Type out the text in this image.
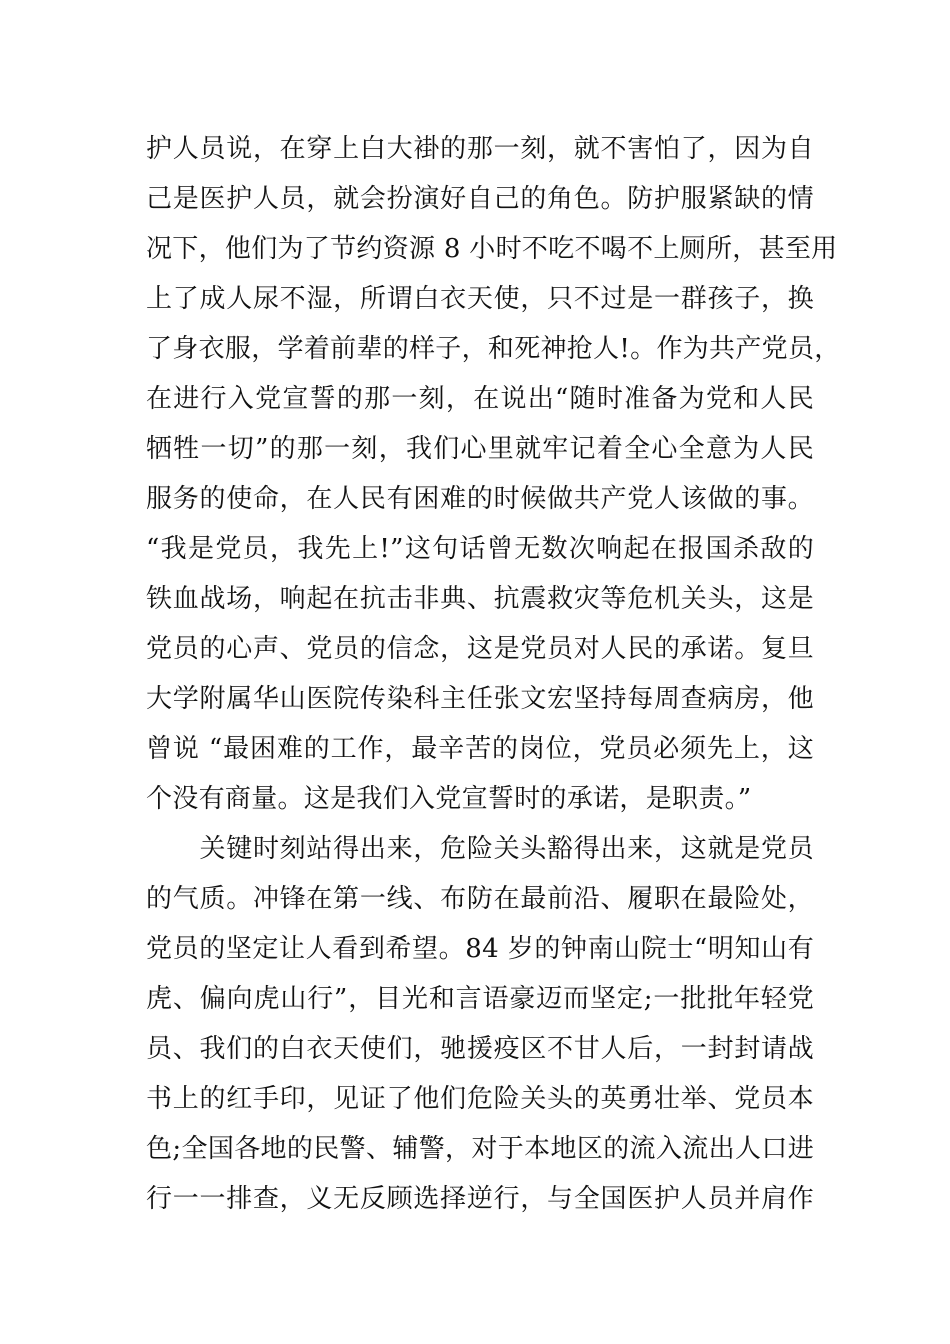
护人员说，在穿上白大褂的那一刻，就不害怕了，因为自
己是医护人员，就会扮演好自己的角色。防护服紧缺的情
况下，他们为了节约资源 8 小时不吃不喝不上厕所，甚至用
上了成人尿不湿，所谓白衣天使，只不过是一群孩子，换
了身衣服，学着前辈的样子，和死神抢人!。作为共产党员，
在进行入党宣誓的那一刻，在说出“随时准备为党和人民
牺牲一切”的那一刻，我们心里就牢记着全心全意为人民
服务的使命，在人民有困难的时候做共产党人该做的事。
“我是党员，我先上!”这句话曾无数次响起在报国杀敌的
铁血战场，响起在抗击非典、抗震救灾等危机关头，这是
党员的心声、党员的信念，这是党员对人民的承诺。复旦
大学附属华山医院传染科主任张文宏坚持每周查病房，他
曾说 “最困难的工作，最辛苦的岗位，党员必须先上，这
个没有商量。这是我们入党宣誓时的承诺，是职责。”
　　关键时刻站得出来，危险关头豁得出来，这就是党员
的气质。冲锋在第一线、布防在最前沿、履职在最险处，
党员的坚定让人看到希望。84 岁的钟南山院士“明知山有
虎、偏向虎山行”，目光和言语豪迈而坚定;一批批年轻党
员、我们的白衣天使们，驰援疫区不甘人后，一封封请战
书上的红手印，见证了他们危险关头的英勇壮举、党员本
色;全国各地的民警、辅警，对于本地区的流入流出人口进
行一一排查，义无反顾选择逆行，与全国医护人员并肩作
